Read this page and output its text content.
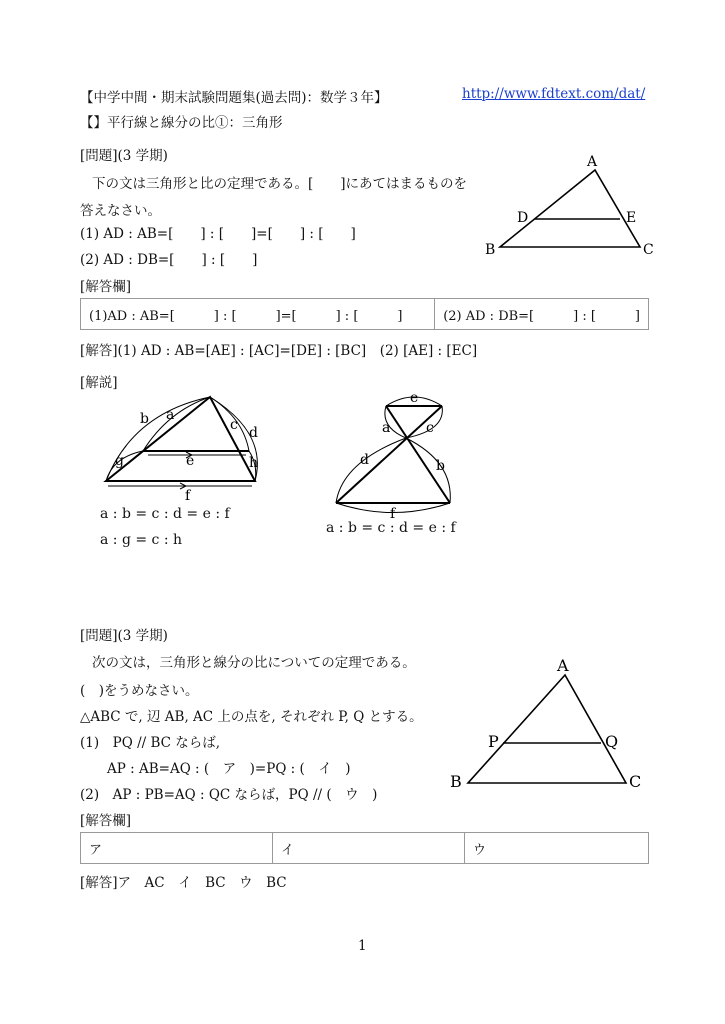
【中学中間・期末試験問題集(過去問)：数学３年】	http://www.fdtext.com/dat/
【】平行線と線分の比①：三角形
[問題](3 学期)
下の文は三角形と比の定理である。[　　]にあてはまるものを
答えなさい。
(1) AD : AB=[　　] : [　　]=[　　] : [　　]
(2) AD : DB=[　　] : [　　]
A
D	E
B	C
[解答欄]
(1)AD : AB=[　　　] : [　　　]=[　　　] : [　　　]	(2) AD : DB=[　　　] : [　　　]
[解答](1) AD : AB=[AE] : [AC]=[DE] : [BC]　(2) [AE] : [EC]
[解説]
a
b	c d
e
f
g	h
a : b = c : d = e : f
a : g = c : h
e
a	c
d	b
f
a : b = c : d = e : f
[問題](3 学期)
次の文は，三角形と線分の比についての定理である。
(　)をうめなさい。
△ABC で, 辺 AB, AC 上の点を, それぞれ P, Q とする。
(1)　PQ // BC ならば,
AP : AB=AQ : (　ア　)=PQ : (　イ　)
(2)　AP : PB=AQ : QC ならば，PQ // (　ウ　)
A
P	Q
B	C
[解答欄]
ア	イ	ウ
[解答]ア　AC　イ　BC　ウ　BC
1
